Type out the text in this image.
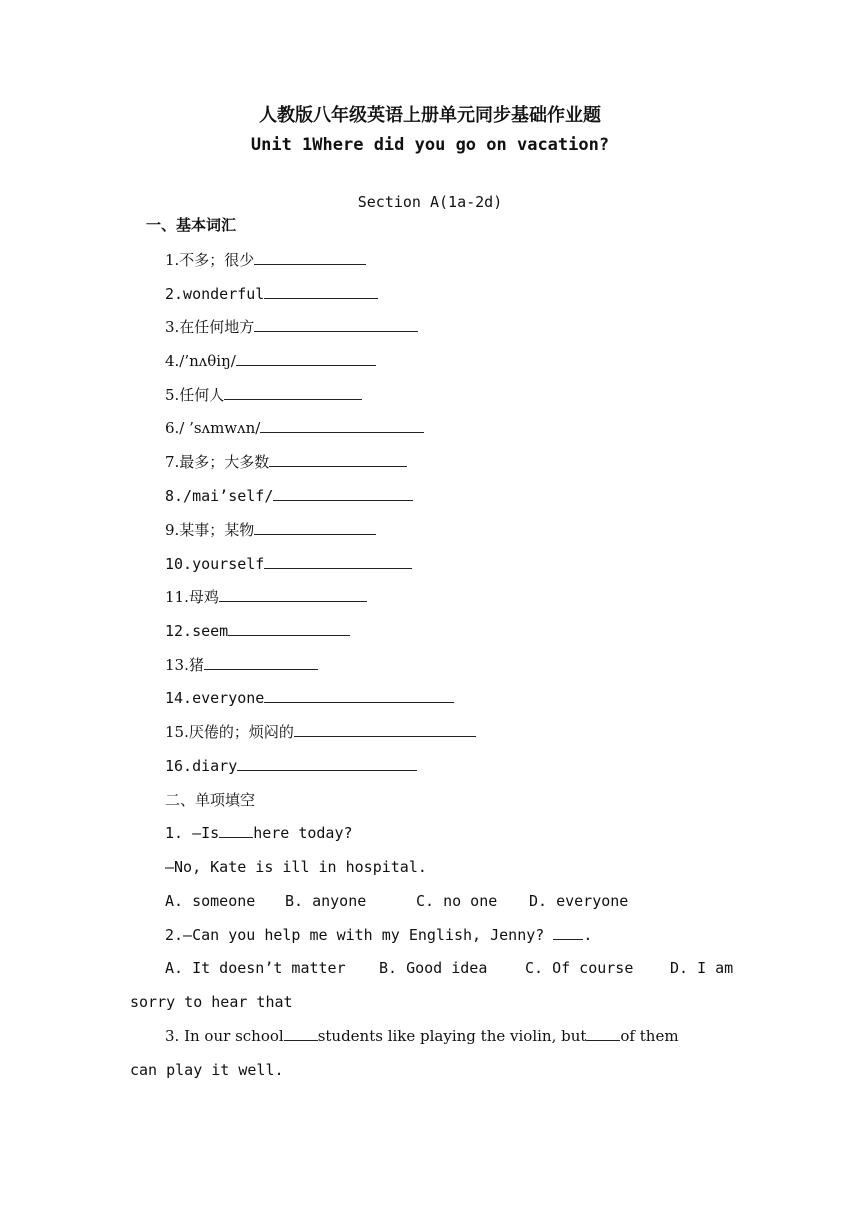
人教版八年级英语上册单元同步基础作业题
Unit 1Where did you go on vacation?
Section A(1a-2d)
一、基本词汇
1.不多；很少
2.wonderful
3.在任何地方
4./’nʌθiŋ/
5.任何人
6./ ’sʌmwʌn/
7.最多；大多数
8./mai’self/
9.某事；某物
10.yourself
11.母鸡
12.seem
13.猪
14.everyone
15.厌倦的；烦闷的
16.diary
二、单项填空
1. —Is here today?
—No, Kate is ill in hospital.
A. someone B. anyone	C. no one D. everyone
2.—Can you help me with my English, Jenny?	.
A. It doesn’t matter B. Good idea	C. Of course D. I am
sorry to hear that
3. In our school students like playing the violin, but of them
can play it well.
